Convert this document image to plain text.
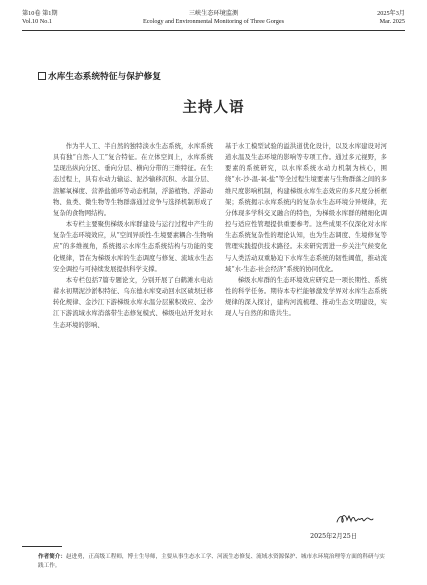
第10卷 第1期
Vol.10 No.1
三峡生态环境监测
Ecology and Environmental Monitoring of Three Gorges
2025年3月
Mar. 2025
水库生态系统特征与保护修复
主持人语

作为半人工、半自然的独特淡水生态系统，水库系统具有独“自然-人工”复合特征。在立体空间上，水库系统呈现出纵向分区、垂向分层、横向分带的三维特征。在生态过程上，具有水动力输运、泥沙输移沉积、水温分层、溶解氧梯度、营养盐循环等动态机制，浮游植物、浮游动物、鱼类、微生物等生物群落通过竞争与选择机制形成了复杂的食物网结构。

本专栏主要聚焦梯级水库群建设与运行过程中产生的复杂生态环境效应，从“空间异质性-生境要素耦合-生物响应”的多维视角，系统揭示水库生态系统结构与功能的变化规律，旨在为梯级水库的生态调度与修复、流域水生态安全调控与可持续发展提供科学支撑。

本专栏包括7篇专题论文，分别开展了白鹤滩水电站蓄水初期泥沙淤积特征、乌东德水库变动回水区碛坝迁移转化规律、金沙江下游梯级水库水温分层累积效应、金沙江下游流域水库消落带生态修复模式、梯级电站开发对水生态环境的影响、

基于水工模型试验的溢洪道优化设计，以及水库建设对河道水温及生态环境的影响等专项工作。通过多元视野，多要素的系统研究，以水库系统水动力机制为核心，围绕“水-沙-温-氧-盐”等全过程生境要素与生物群落之间的多维尺度影响机制，构建梯级水库生态效应的多尺度分析框架；系统揭示水库系统内的复杂水生态环境分异规律，充分体现多学科交叉融合的特色，为梯级水库群的精细化调控与适应性管理提供重要参考。这些成果不仅深化对水库生态系统复杂性的理论认知，也为生态调度、生境修复等管理实践提供技术路径。未来研究需进一步关注气候变化与人类活动双重胁迫下水库生态系统的韧性阈值，推动流域“水-生态-社会经济”系统的协同优化。

梯级水库群的生态环境效应研究是一项长期性、系统性的科学任务。期待本专栏能够激发学界对水库生态系统规律的深入探讨，建构河流梳理、推动生态文明建设，实现人与自然的和谐共生。

2025年2月25日
作者简介：赵进勇，正高级工程师，博士生导师，主要从事生态水工学、河流生态修复、流域水资源保护、城市水环境治理等方面的科研与实践工作。
